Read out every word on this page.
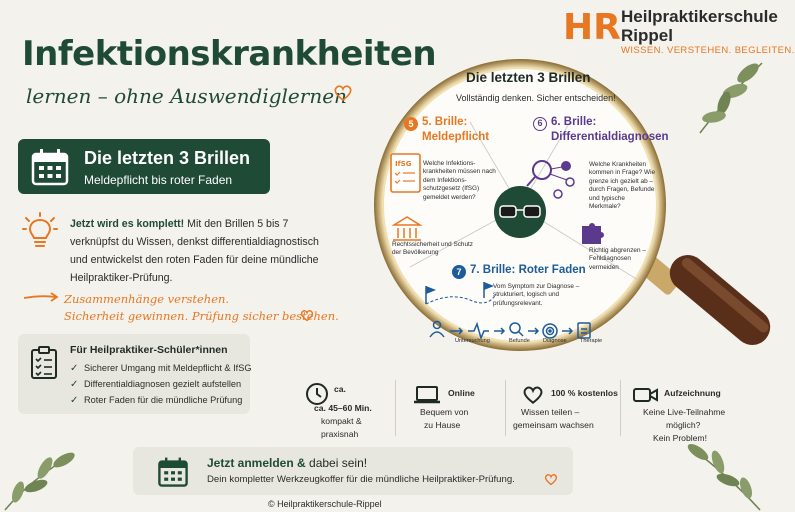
Infektionskrankheiten
lernen – ohne Auswendiglernen
HR Heilpraktikerschule
Rippel
WISSEN. VERSTEHEN. BEGLEITEN.
Die letzten 3 Brillen
Meldepflicht bis roter Faden
Jetzt wird es komplett! Mit den Brillen 5 bis 7 verknüpfst du Wissen, denkst differentialdiagnostisch und entwickelst den roten Faden für deine mündliche Heilpraktiker-Prüfung.
Zusammenhänge verstehen.
Sicherheit gewinnen. Prüfung sicher bestehen.
Für Heilpraktiker-Schüler*innen
✓ Sicherer Umgang mit Meldepflicht & IfSG
✓ Differentialdiagnosen gezielt aufstellen
✓ Roter Faden für die mündliche Prüfung
IfSG
Die letzten 3 Brillen
Vollständig denken. Sicher entscheiden!
5 5. Brille:
Meldepflicht
Welche Infektions-krankheiten müssen nach dem Infektions-schutzgesetz (IfSG) gemeldet werden?
Rechtssicherheit und Schutz der Bevölkerung
6 6. Brille:
Differentialdiagnosen
Welche Krankheiten kommen in Frage? Wie grenze ich gezielt ab – durch Fragen, Befunde und typische Merkmale?
Richtig abgrenzen – Fehldiagnosen vermeiden
7 7. Brille: Roter Faden
Vom Symptom zur Diagnose – strukturiert, logisch und prüfungsrelevant.
Untersuchung	Befunde Diagnose Therapie
ca.
ca. 45–60 Min.
kompakt &
praxisnah
Online
Bequem von
zu Hause
100 % kostenlos
Wissen teilen –
gemeinsam wachsen
Aufzeichnung
Keine Live-Teilnahme
möglich?
Kein Problem!
Jetzt anmelden & dabei sein!
Dein kompletter Werkzeugkoffer für die mündliche Heilpraktiker-Prüfung.
© Heilpraktikerschule-Rippel
